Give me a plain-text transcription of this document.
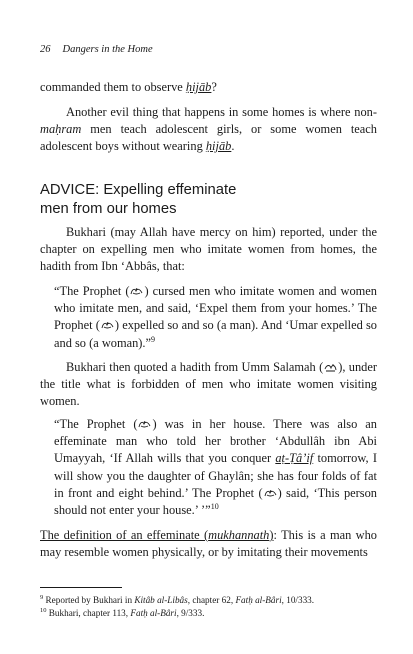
26 Dangers in the Home

commanded them to observe ḥijāb?

Another evil thing that happens in some homes is where non-maḥram men teach adolescent girls, or some women teach adolescent boys without wearing ḥijāb.

ADVICE: Expelling effeminate
men from our homes

Bukhari (may Allah have mercy on him) reported, under the chapter on expelling men who imitate women from homes, the hadith from Ibn ‘Abbâs, that:

“The Prophet ( ) cursed men who imitate women and women who imitate men, and said, ‘Expel them from your homes.’ The Prophet ( ) expelled so and so (a man). And ‘Umar expelled so and so (a woman).”$^9$

Bukhari then quoted a hadith from Umm Salamah ( ), under the title what is forbidden of men who imitate women visiting women.

“The Prophet ( ) was in her house. There was also an effeminate man who told her brother ‘Abdullâh ibn Abi Umayyah, ‘If Allah wills that you conquer aṭ-Ṭâ’if tomorrow, I will show you the daughter of Ghaylân; she has four folds of fat in front and eight behind.’ The Prophet ( ) said, ‘This person should not enter your house.’ ’”$^{10}$

The definition of an effeminate (mukhannath): This is a man who may resemble women physically, or by imitating their movements

$^9$ Reported by Bukhari in Kitâb al-Libâs, chapter 62, Fatḥ al-Bâri, 10/333.

$^{10}$ Bukhari, chapter 113, Fatḥ al-Bâri, 9/333.
